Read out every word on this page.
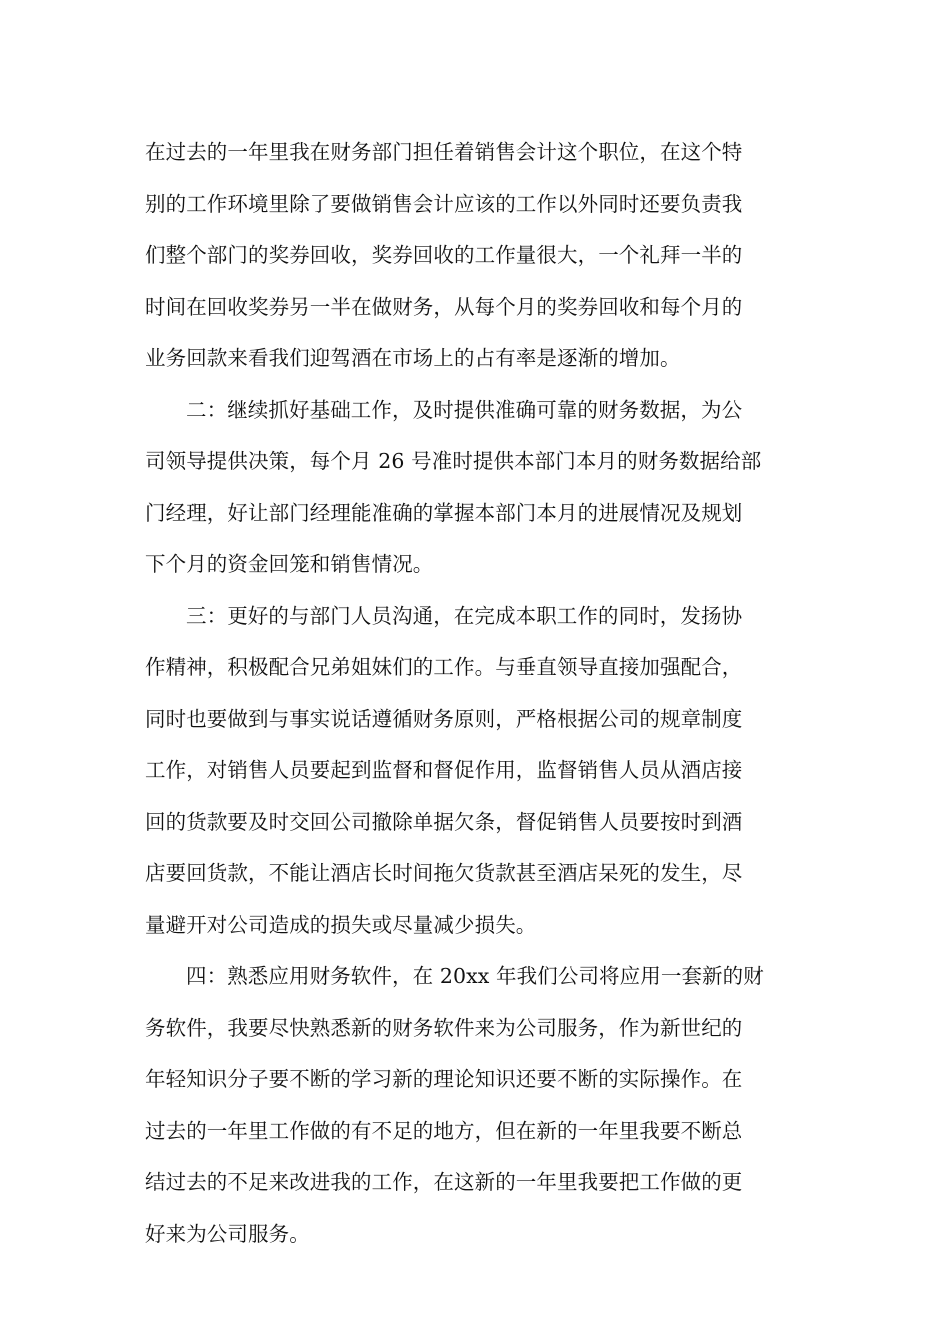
在过去的一年里我在财务部门担任着销售会计这个职位，在这个特
别的工作环境里除了要做销售会计应该的工作以外同时还要负责我
们整个部门的奖券回收，奖券回收的工作量很大，一个礼拜一半的
时间在回收奖券另一半在做财务，从每个月的奖券回收和每个月的
业务回款来看我们迎驾酒在市场上的占有率是逐渐的增加。
二：继续抓好基础工作，及时提供准确可靠的财务数据，为公
司领导提供决策，每个月 26 号准时提供本部门本月的财务数据给部
门经理，好让部门经理能准确的掌握本部门本月的进展情况及规划
下个月的资金回笼和销售情况。
三：更好的与部门人员沟通，在完成本职工作的同时，发扬协
作精神，积极配合兄弟姐妹们的工作。与垂直领导直接加强配合，
同时也要做到与事实说话遵循财务原则，严格根据公司的规章制度
工作，对销售人员要起到监督和督促作用，监督销售人员从酒店接
回的货款要及时交回公司撤除单据欠条，督促销售人员要按时到酒
店要回货款，不能让酒店长时间拖欠货款甚至酒店呆死的发生，尽
量避开对公司造成的损失或尽量减少损失。
四：熟悉应用财务软件，在 20xx 年我们公司将应用一套新的财
务软件，我要尽快熟悉新的财务软件来为公司服务，作为新世纪的
年轻知识分子要不断的学习新的理论知识还要不断的实际操作。在
过去的一年里工作做的有不足的地方，但在新的一年里我要不断总
结过去的不足来改进我的工作，在这新的一年里我要把工作做的更
好来为公司服务。
